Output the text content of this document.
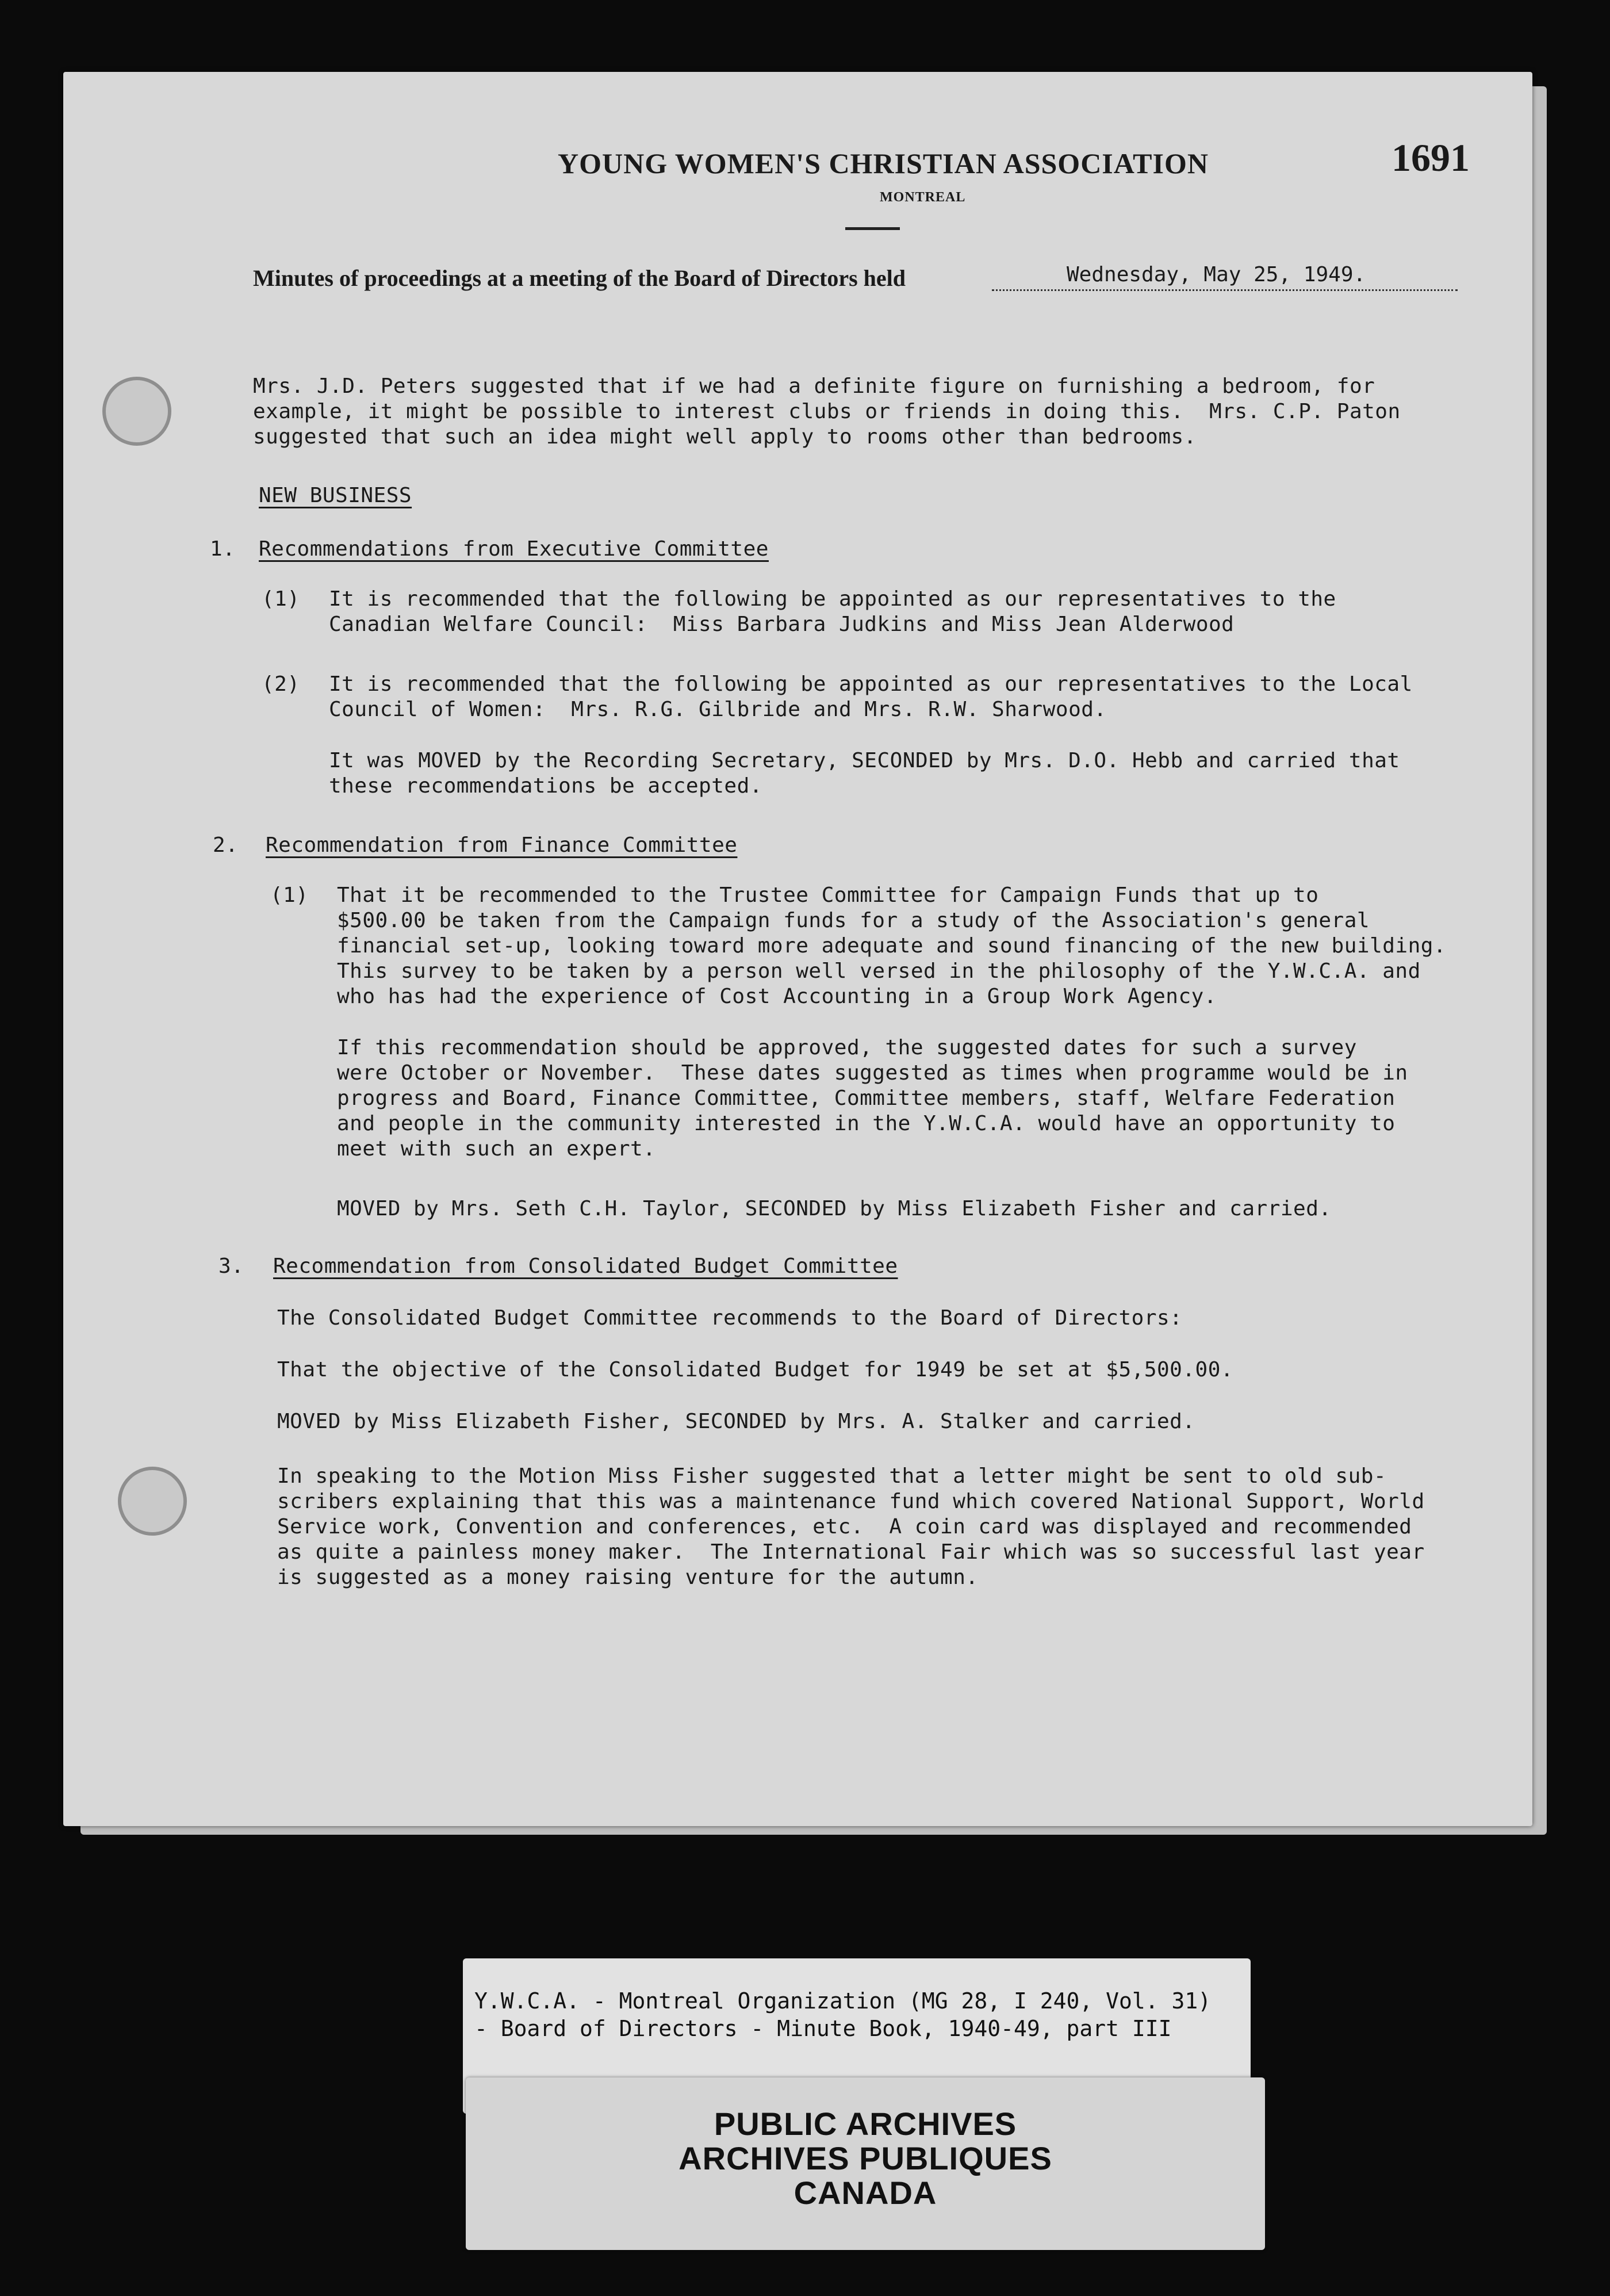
YOUNG WOMEN'S CHRISTIAN ASSOCIATION
MONTREAL
1691
Minutes of proceedings at a meeting of the Board of Directors held	Wednesday, May 25, 1949.
Mrs. J.D. Peters suggested that if we had a definite figure on furnishing a bedroom, for
example, it might be possible to interest clubs or friends in doing this.  Mrs. C.P. Paton
suggested that such an idea might well apply to rooms other than bedrooms.
NEW BUSINESS
1. Recommendations from Executive Committee
(1) It is recommended that the following be appointed as our representatives to the
Canadian Welfare Council:  Miss Barbara Judkins and Miss Jean Alderwood
(2) It is recommended that the following be appointed as our representatives to the Local
Council of Women:  Mrs. R.G. Gilbride and Mrs. R.W. Sharwood.
It was MOVED by the Recording Secretary, SECONDED by Mrs. D.O. Hebb and carried that
these recommendations be accepted.
2. Recommendation from Finance Committee
(1) That it be recommended to the Trustee Committee for Campaign Funds that up to
$500.00 be taken from the Campaign funds for a study of the Association's general
financial set-up, looking toward more adequate and sound financing of the new building.
This survey to be taken by a person well versed in the philosophy of the Y.W.C.A. and
who has had the experience of Cost Accounting in a Group Work Agency.
If this recommendation should be approved, the suggested dates for such a survey
were October or November.  These dates suggested as times when programme would be in
progress and Board, Finance Committee, Committee members, staff, Welfare Federation
and people in the community interested in the Y.W.C.A. would have an opportunity to
meet with such an expert.
MOVED by Mrs. Seth C.H. Taylor, SECONDED by Miss Elizabeth Fisher and carried.
3. Recommendation from Consolidated Budget Committee
The Consolidated Budget Committee recommends to the Board of Directors:
That the objective of the Consolidated Budget for 1949 be set at $5,500.00.
MOVED by Miss Elizabeth Fisher, SECONDED by Mrs. A. Stalker and carried.
In speaking to the Motion Miss Fisher suggested that a letter might be sent to old sub-
scribers explaining that this was a maintenance fund which covered National Support, World
Service work, Convention and conferences, etc.  A coin card was displayed and recommended
as quite a painless money maker.  The International Fair which was so successful last year
is suggested as a money raising venture for the autumn.
Y.W.C.A. - Montreal Organization (MG 28, I 240, Vol. 31)
- Board of Directors - Minute Book, 1940-49, part III
PUBLIC ARCHIVES
ARCHIVES PUBLIQUES
CANADA
